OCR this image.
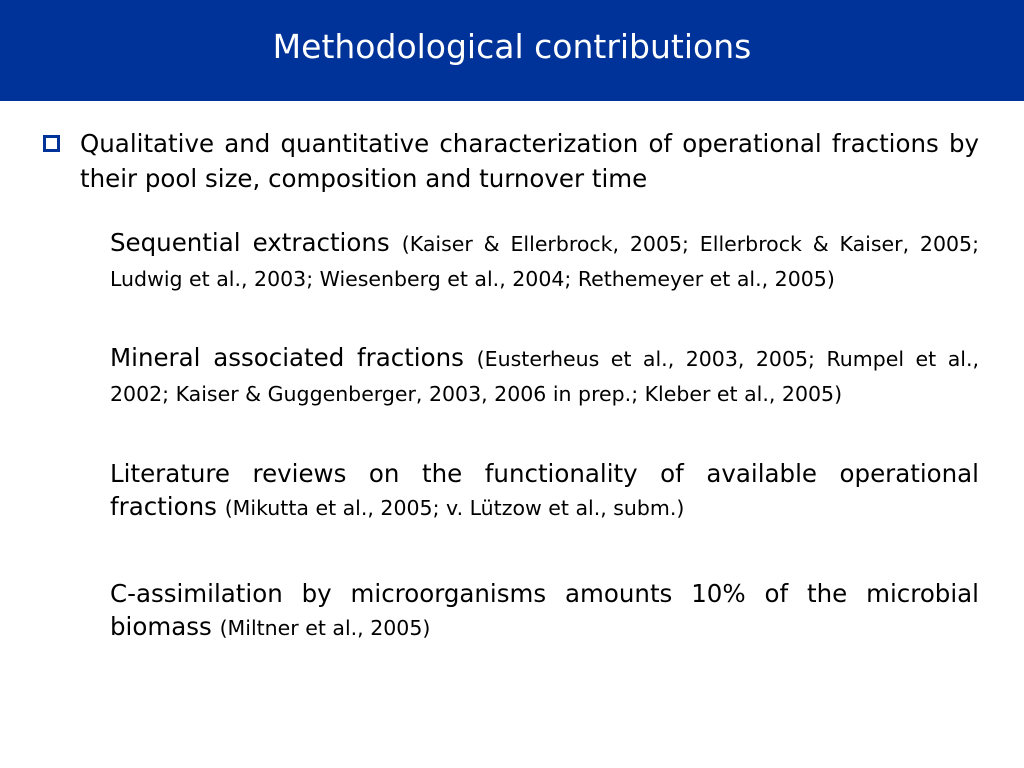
Methodological contributions
Qualitative and quantitative characterization of operational fractions by their pool size, composition and turnover time
Sequential extractions (Kaiser & Ellerbrock, 2005; Ellerbrock & Kaiser, 2005; Ludwig et al., 2003; Wiesenberg et al., 2004; Rethemeyer et al., 2005)
Mineral associated fractions (Eusterheus et al., 2003, 2005; Rumpel et al., 2002; Kaiser & Guggenberger, 2003, 2006 in prep.; Kleber et al., 2005)
Literature reviews on the functionality of available operational fractions (Mikutta et al., 2005; v. Lützow et al., subm.)
C-assimilation by microorganisms amounts 10% of the microbial biomass (Miltner et al., 2005)
